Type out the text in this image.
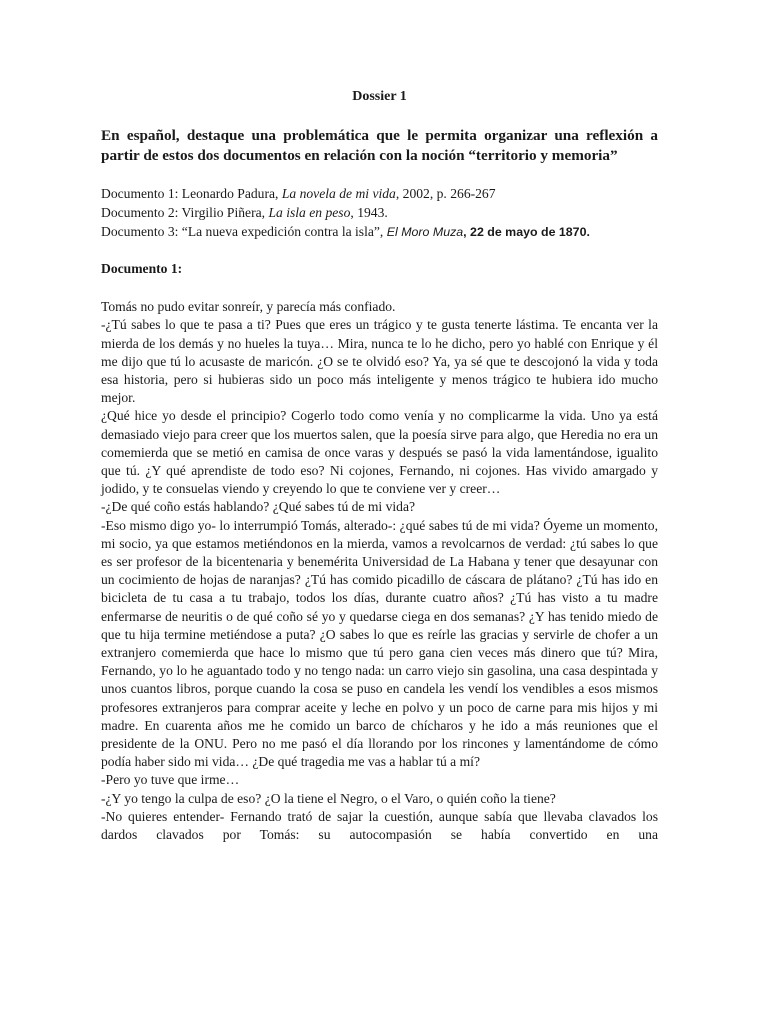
Dossier 1

En español, destaque una problemática que le permita organizar una reflexión a partir de estos dos documentos en relación con la noción “territorio y memoria”

Documento 1: Leonardo Padura, La novela de mi vida, 2002, p. 266-267
Documento 2: Virgilio Piñera, La isla en peso, 1943.
Documento 3: “La nueva expedición contra la isla”, El Moro Muza, 22 de mayo de 1870.
Documento 1:

Tomás no pudo evitar sonreír, y parecía más confiado.

-¿Tú sabes lo que te pasa a ti? Pues que eres un trágico y te gusta tenerte lástima. Te encanta ver la mierda de los demás y no hueles la tuya… Mira, nunca te lo he dicho, pero yo hablé con Enrique y él me dijo que tú lo acusaste de maricón. ¿O se te olvidó eso? Ya, ya sé que te descojonó la vida y toda esa historia, pero si hubieras sido un poco más inteligente y menos trágico te hubiera ido mucho mejor.

¿Qué hice yo desde el principio? Cogerlo todo como venía y no complicarme la vida. Uno ya está demasiado viejo para creer que los muertos salen, que la poesía sirve para algo, que Heredia no era un comemierda que se metió en camisa de once varas y después se pasó la vida lamentándose, igualito que tú. ¿Y qué aprendiste de todo eso? Ni cojones, Fernando, ni cojones. Has vivido amargado y jodido, y te consuelas viendo y creyendo lo que te conviene ver y creer…

-¿De qué coño estás hablando? ¿Qué sabes tú de mi vida?

-Eso mismo digo yo- lo interrumpió Tomás, alterado-: ¿qué sabes tú de mi vida? Óyeme un momento, mi socio, ya que estamos metiéndonos en la mierda, vamos a revolcarnos de verdad: ¿tú sabes lo que es ser profesor de la bicentenaria y benemérita Universidad de La Habana y tener que desayunar con un cocimiento de hojas de naranjas? ¿Tú has comido picadillo de cáscara de plátano? ¿Tú has ido en bicicleta de tu casa a tu trabajo, todos los días, durante cuatro años? ¿Tú has visto a tu madre enfermarse de neuritis o de qué coño sé yo y quedarse ciega en dos semanas? ¿Y has tenido miedo de que tu hija termine metiéndose a puta? ¿O sabes lo que es reírle las gracias y servirle de chofer a un extranjero comemierda que hace lo mismo que tú pero gana cien veces más dinero que tú? Mira, Fernando, yo lo he aguantado todo y no tengo nada: un carro viejo sin gasolina, una casa despintada y unos cuantos libros, porque cuando la cosa se puso en candela les vendí los vendibles a esos mismos profesores extranjeros para comprar aceite y leche en polvo y un poco de carne para mis hijos y mi madre. En cuarenta años me he comido un barco de chícharos y he ido a más reuniones que el presidente de la ONU. Pero no me pasó el día llorando por los rincones y lamentándome de cómo podía haber sido mi vida… ¿De qué tragedia me vas a hablar tú a mí?

-Pero yo tuve que irme…

-¿Y yo tengo la culpa de eso? ¿O la tiene el Negro, o el Varo, o quién coño la tiene?

-No quieres entender- Fernando trató de sajar la cuestión, aunque sabía que llevaba clavados los dardos clavados por Tomás: su autocompasión se había convertido en una
